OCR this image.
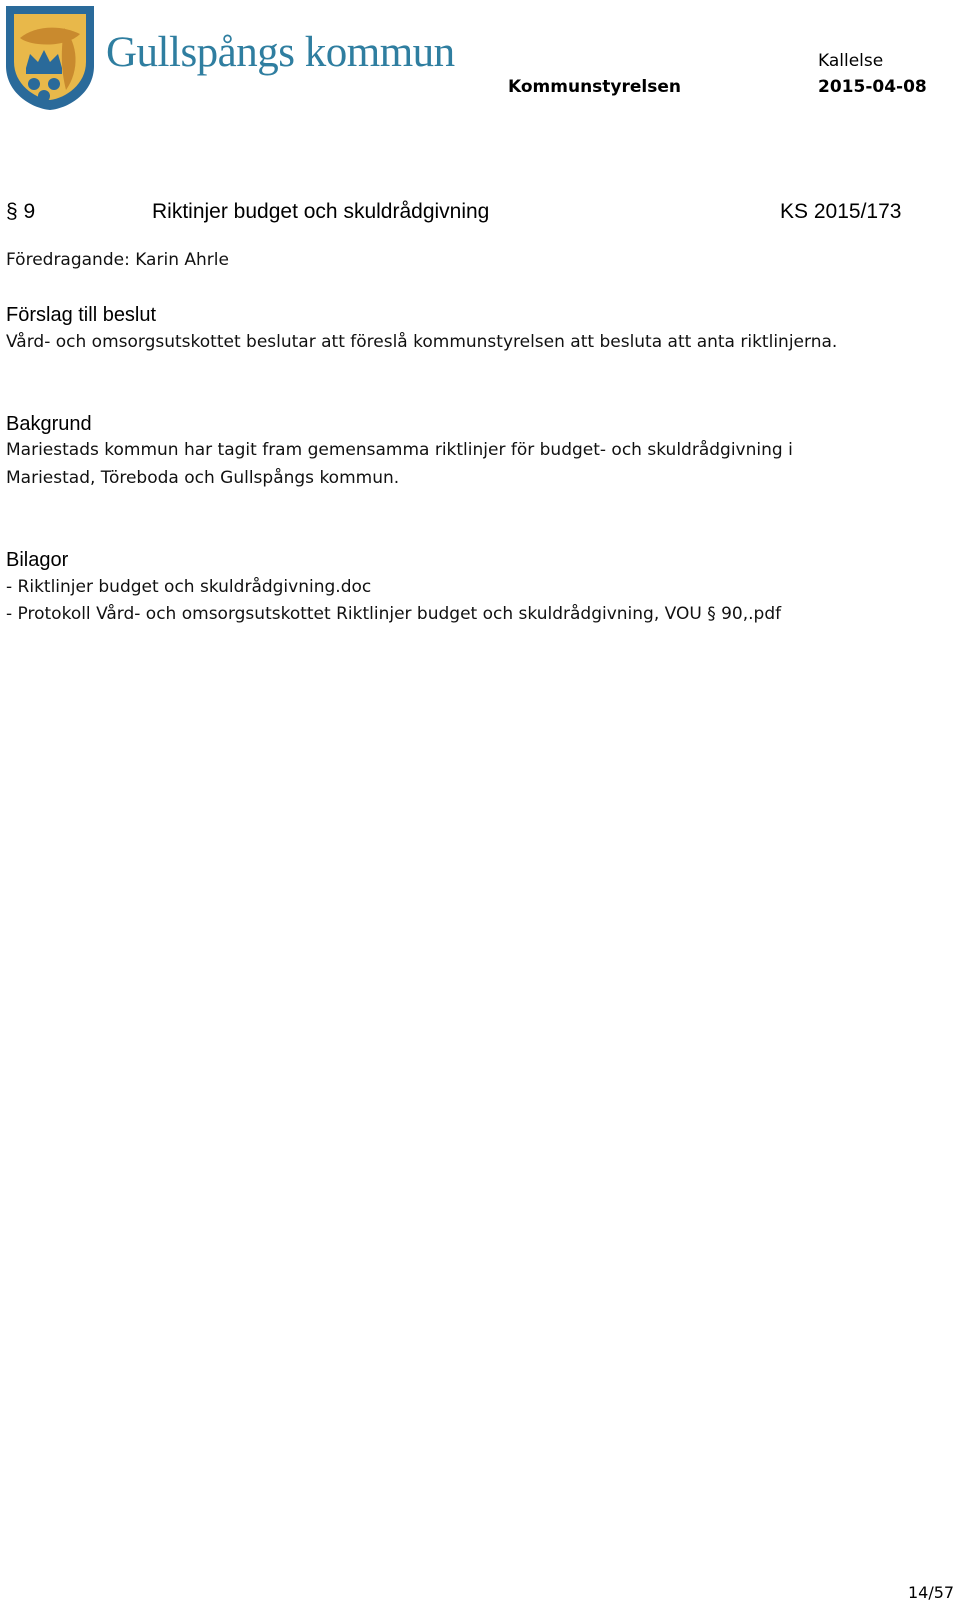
Gullspångs kommun	Kallelse
Kommunstyrelsen	2015-04-08
§ 9	Riktinjer budget och skuldrådgivning	KS 2015/173
Föredragande: Karin Ahrle
Förslag till beslut
Vård- och omsorgsutskottet beslutar att föreslå kommunstyrelsen att besluta att anta riktlinjerna.
Bakgrund
Mariestads kommun har tagit fram gemensamma riktlinjer för budget- och skuldrådgivning i
Mariestad, Töreboda och Gullspångs kommun.
Bilagor
- Riktlinjer budget och skuldrådgivning.doc
- Protokoll Vård- och omsorgsutskottet Riktlinjer budget och skuldrådgivning, VOU § 90,.pdf
14/57
